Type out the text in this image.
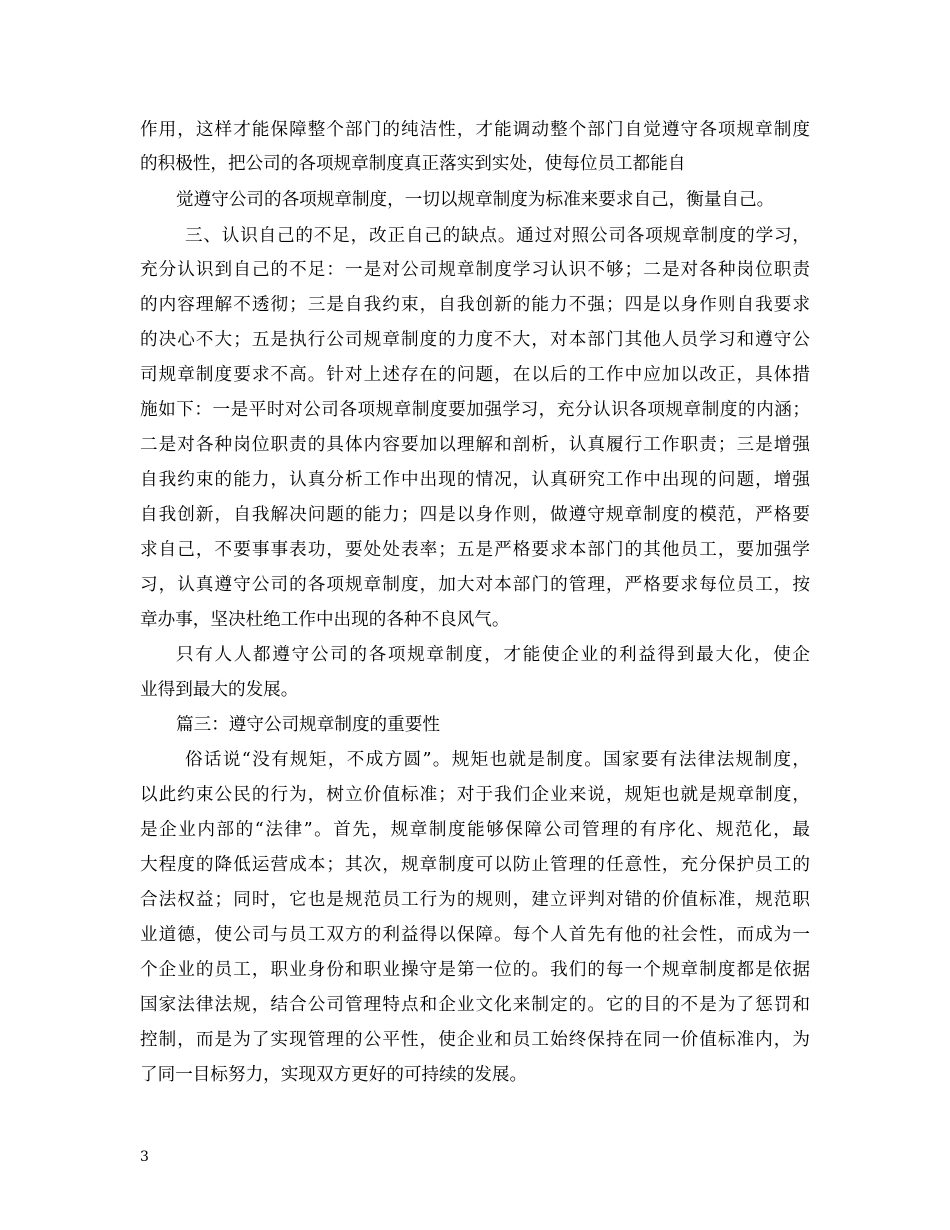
作用，这样才能保障整个部门的纯洁性，才能调动整个部门自觉遵守各项规章制度
的积极性，把公司的各项规章制度真正落实到实处，使每位员工都能自
觉遵守公司的各项规章制度，一切以规章制度为标准来要求自己，衡量自己。
三、认识自己的不足，改正自己的缺点。通过对照公司各项规章制度的学习，
充分认识到自己的不足：一是对公司规章制度学习认识不够；二是对各种岗位职责
的内容理解不透彻；三是自我约束，自我创新的能力不强；四是以身作则自我要求
的决心不大；五是执行公司规章制度的力度不大，对本部门其他人员学习和遵守公
司规章制度要求不高。针对上述存在的问题，在以后的工作中应加以改正，具体措
施如下：一是平时对公司各项规章制度要加强学习，充分认识各项规章制度的内涵；
二是对各种岗位职责的具体内容要加以理解和剖析，认真履行工作职责；三是增强
自我约束的能力，认真分析工作中出现的情况，认真研究工作中出现的问题，增强
自我创新，自我解决问题的能力；四是以身作则，做遵守规章制度的模范，严格要
求自己，不要事事表功，要处处表率；五是严格要求本部门的其他员工，要加强学
习，认真遵守公司的各项规章制度，加大对本部门的管理，严格要求每位员工，按
章办事，坚决杜绝工作中出现的各种不良风气。
只有人人都遵守公司的各项规章制度，才能使企业的利益得到最大化，使企
业得到最大的发展。
篇三：遵守公司规章制度的重要性
俗话说“没有规矩，不成方圆”。规矩也就是制度。国家要有法律法规制度，
以此约束公民的行为，树立价值标准；对于我们企业来说，规矩也就是规章制度，
是企业内部的“法律”。首先，规章制度能够保障公司管理的有序化、规范化，最
大程度的降低运营成本；其次，规章制度可以防止管理的任意性，充分保护员工的
合法权益；同时，它也是规范员工行为的规则，建立评判对错的价值标准，规范职
业道德，使公司与员工双方的利益得以保障。每个人首先有他的社会性，而成为一
个企业的员工，职业身份和职业操守是第一位的。我们的每一个规章制度都是依据
国家法律法规，结合公司管理特点和企业文化来制定的。它的目的不是为了惩罚和
控制，而是为了实现管理的公平性，使企业和员工始终保持在同一价值标准内，为
了同一目标努力，实现双方更好的可持续的发展。
3
